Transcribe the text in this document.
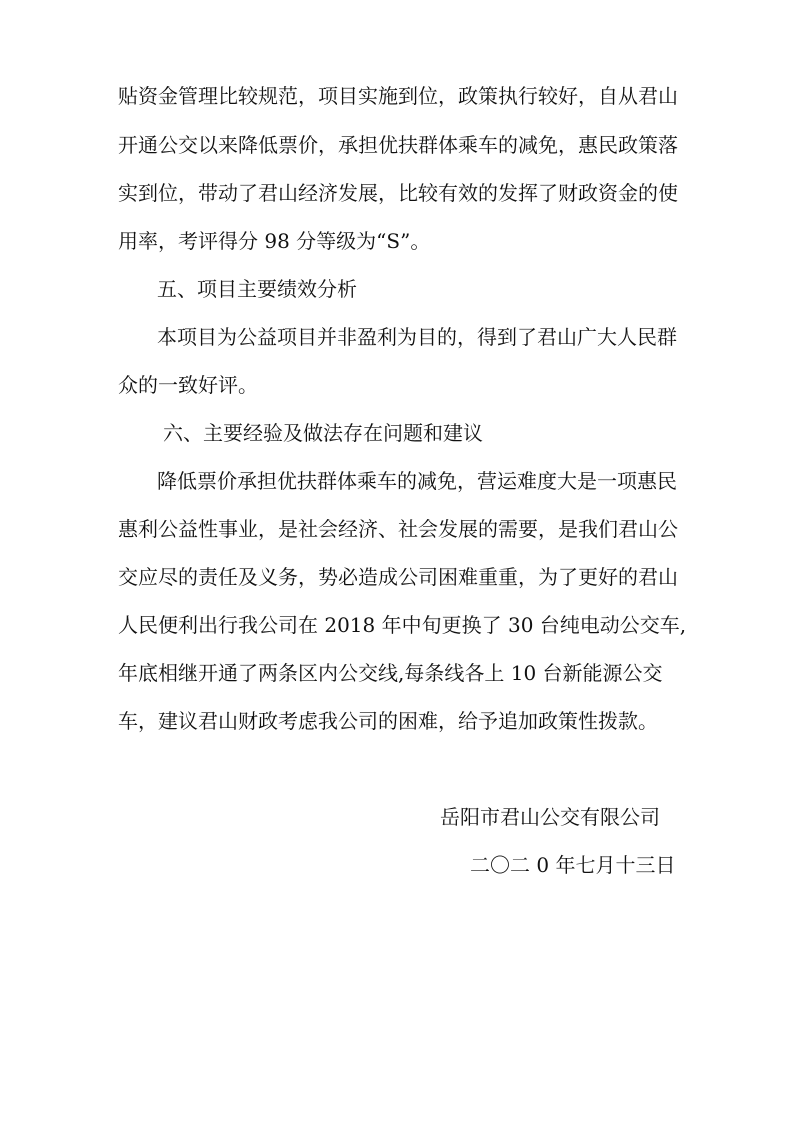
贴资金管理比较规范，项目实施到位，政策执行较好，自从君山

开通公交以来降低票价，承担优扶群体乘车的减免，惠民政策落

实到位，带动了君山经济发展，比较有效的发挥了财政资金的使

用率，考评得分 98 分等级为“S”。

五、项目主要绩效分析

本项目为公益项目并非盈利为目的，得到了君山广大人民群

众的一致好评。

六、主要经验及做法存在问题和建议

降低票价承担优扶群体乘车的减免，营运难度大是一项惠民

惠利公益性事业，是社会经济、社会发展的需要，是我们君山公

交应尽的责任及义务，势必造成公司困难重重，为了更好的君山

人民便利出行我公司在 2018 年中旬更换了 30 台纯电动公交车,

年底相继开通了两条区内公交线,每条线各上 10 台新能源公交

车，建议君山财政考虑我公司的困难，给予追加政策性拨款。

岳阳市君山公交有限公司
二〇二 0 年七月十三日
